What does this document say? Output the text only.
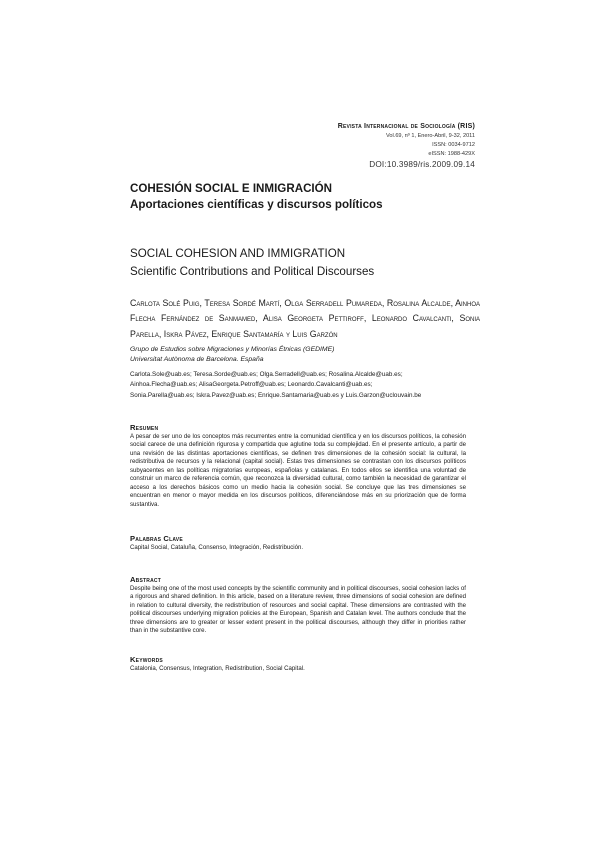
Revista Internacional de Sociología (RIS)
Vol.69, nº 1, Enero-Abril, 9-32, 2011
ISSN: 0034-9712
eISSN: 1988-429X
DOI:10.3989/ris.2009.09.14
COHESIÓN SOCIAL E INMIGRACIÓN
Aportaciones científicas y discursos políticos
SOCIAL COHESION AND IMMIGRATION
Scientific Contributions and Political Discourses
Carlota Solé Puig, Teresa Sordé Martí, Olga Serradell Pumareda, Rosalina Alcalde, Ainhoa Flecha Fernández de Sanmamed, Alisa Georgeta Pettiroff, Leonardo Cavalcanti, Sonia Parella, Iskra Pávez, Enrique Santamaría y Luis Garzón
Grupo de Estudios sobre Migraciones y Minorías Étnicas (GEDIME)
Universitat Autònoma de Barcelona. España
Carlota.Sole@uab.es; Teresa.Sorde@uab.es; Olga.Serradell@uab.es; Rosalina.Alcalde@uab.es;
Ainhoa.Flecha@uab.es; AlisaGeorgeta.Petroff@uab.es; Leonardo.Cavalcanti@uab.es;
Sonia.Parella@uab.es; Iskra.Pavez@uab.es; Enrique.Santamaria@uab.es y Luis.Garzon@uclouvain.be
Resumen

A pesar de ser uno de los conceptos más recurrentes entre la comunidad científica y en los discursos políticos, la cohesión social carece de una definición rigurosa y compartida que aglutine toda su complejidad. En el presente artículo, a partir de una revisión de las distintas aportaciones científicas, se definen tres dimensiones de la cohesión social: la cultural, la redistributiva de recursos y la relacional (capital social). Estas tres dimensiones se contrastan con los discursos políticos subyacentes en las políticas migratorias europeas, españolas y catalanas. En todos ellos se identifica una voluntad de construir un marco de referencia común, que reconozca la diversidad cultural, como también la necesidad de garantizar el acceso a los derechos básicos como un medio hacia la cohesión social. Se concluye que las tres dimensiones se encuentran en menor o mayor medida en los discursos políticos, diferenciándose más en su priorización que de forma sustantiva.

Palabras Clave

Capital Social, Cataluña, Consenso, Integración, Redistribución.

Abstract

Despite being one of the most used concepts by the scientific community and in political discourses, social cohesion lacks of a rigorous and shared definition. In this article, based on a literature review, three dimensions of social cohesion are defined in relation to cultural diversity, the redistribution of resources and social capital. These dimensions are contrasted with the political discourses underlying migration policies at the European, Spanish and Catalan level. The authors conclude that the three dimensions are to greater or lesser extent present in the political discourses, although they differ in priorities rather than in the substantive core.

Keywords

Catalonia, Consensus, Integration, Redistribution, Social Capital.
